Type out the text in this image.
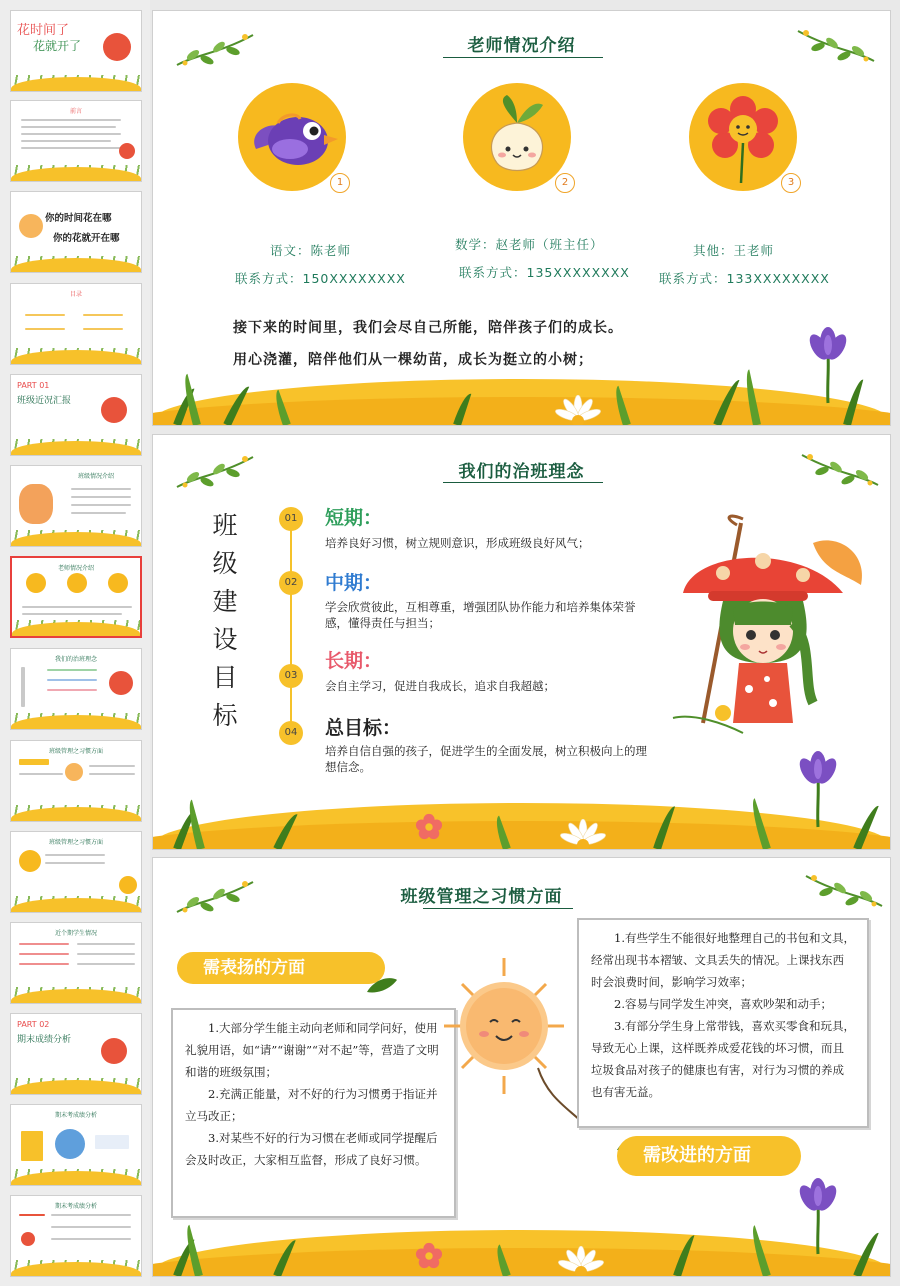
花时间了
花就开了
前言
你的时间花在哪
你的花就开在哪
目录
PART 01
班级近况汇报
班级情况介绍
老师情况介绍
我们的治班理念
班级管理之习惯方面
班级管理之习惯方面
近个期学生情况
PART 02
期末成绩分析
期末考成绩分析
期末考成绩分析
老师情况介绍
1	2	3
语文：陈老师
联系方式：150XXXXXXXX
数学：赵老师（班主任）
联系方式：135XXXXXXXX
其他：王老师
联系方式：133XXXXXXXX
接下来的时间里，我们会尽自己所能，陪伴孩子们的成长。
用心浇灌，陪伴他们从一棵幼苗，成长为挺立的小树；
我们的治班理念
班
级
建
设
目
标
01 短期：
培养良好习惯，树立规则意识，形成班级良好风气；
02 中期：
学会欣赏彼此，互相尊重，增强团队协作能力和培养集体荣誉感，懂得责任与担当；
03
长期：
会自主学习，促进自我成长，追求自我超越；
04 总目标：
培养自信自强的孩子，促进学生的全面发展，树立积极向上的理想信念。
班级管理之习惯方面
需表扬的方面

1.大部分学生能主动向老师和同学问好，使用礼貌用语，如“请”“谢谢”“对不起”等，营造了文明和谐的班级氛围；

2.充满正能量，对不好的行为习惯勇于指证并立马改正；

3.对某些不好的行为习惯在老师或同学提醒后会及时改正，大家相互监督，形成了良好习惯。

1.有些学生不能很好地整理自己的书包和文具，经常出现书本褶皱、文具丢失的情况。上课找东西时会浪费时间，影响学习效率；

2.容易与同学发生冲突，喜欢吵架和动手；

3.有部分学生身上常带钱，喜欢买零食和玩具，导致无心上课，这样既养成爱花钱的坏习惯，而且垃圾食品对孩子的健康也有害，对行为习惯的养成也有害无益。

需改进的方面
